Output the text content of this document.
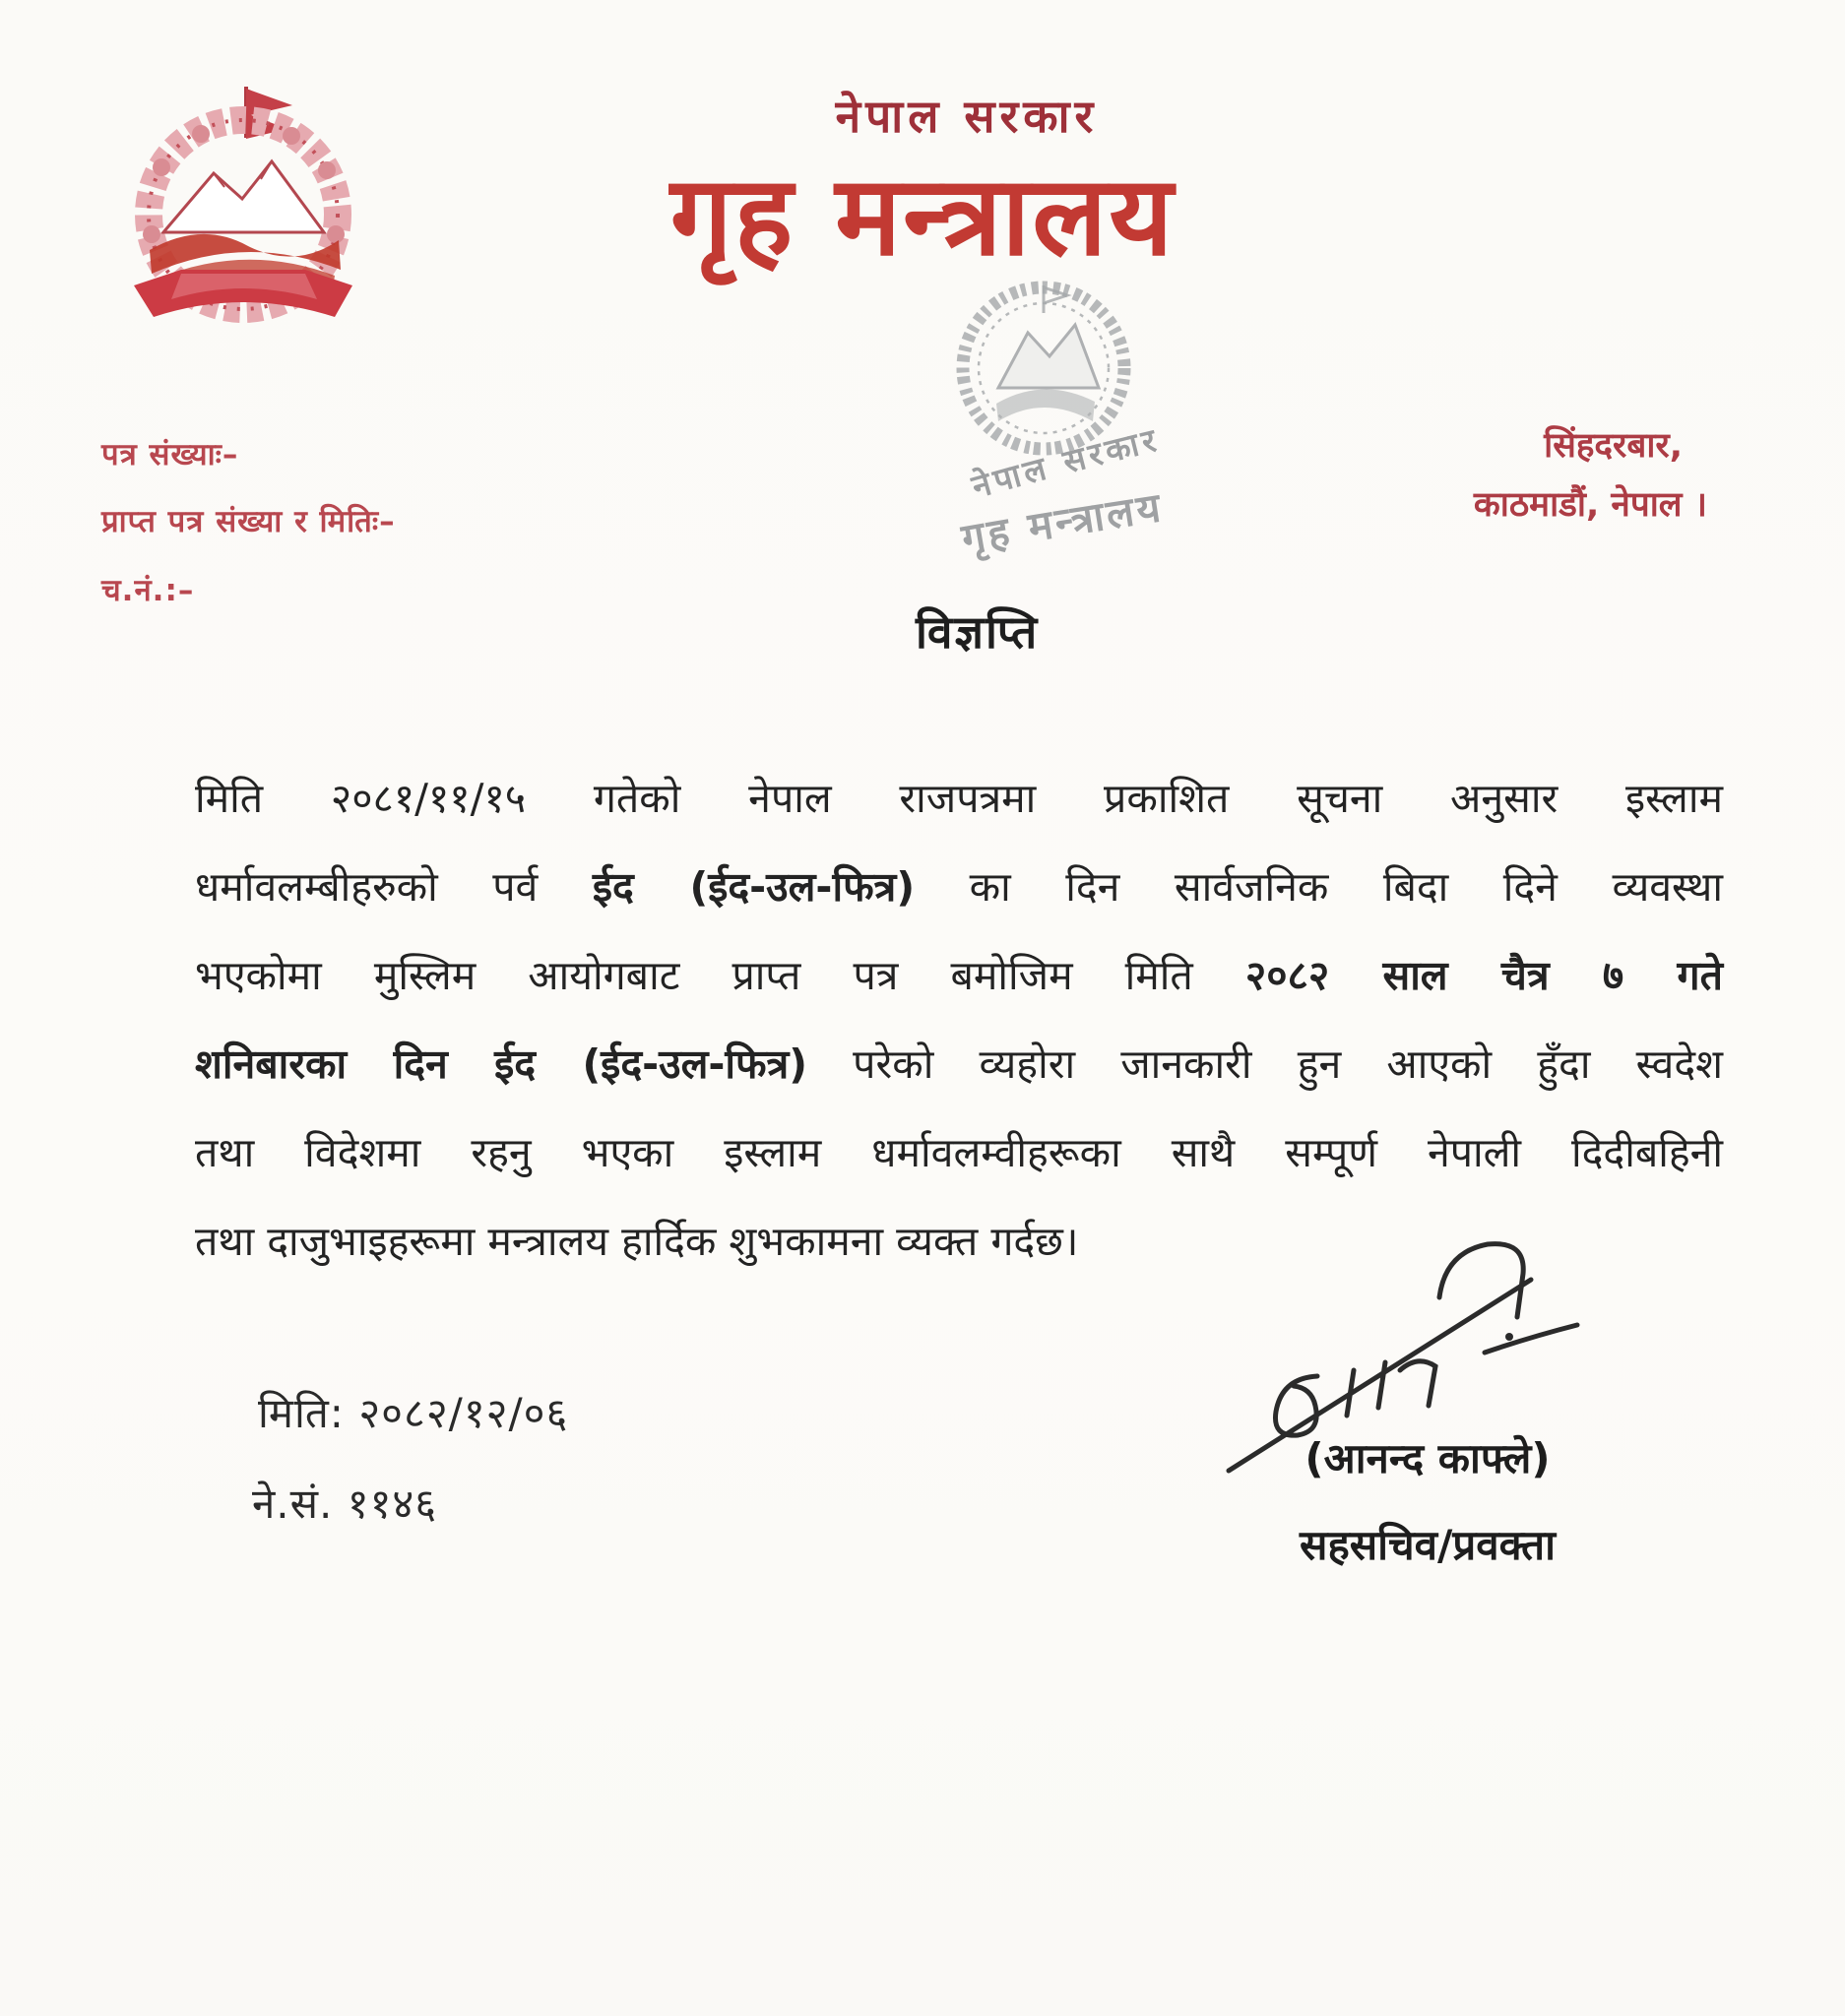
नेपाल सरकार
गृह मन्त्रालय
नेपाल सरकार
गृह मन्त्रालय
पत्र संख्याः–
प्राप्त पत्र संख्या र मितिः–
च.नं.:–
सिंहदरबार,
काठमाडौं, नेपाल ।
विज्ञप्ति
मिति २०८१/११/१५ गतेको नेपाल राजपत्रमा प्रकाशित सूचना अनुसार इस्लाम
धर्मावलम्बीहरुको पर्व ईद (ईद-उल-फित्र) का दिन सार्वजनिक बिदा दिने व्यवस्था
भएकोमा मुस्लिम आयोगबाट प्राप्त पत्र बमोजिम मिति २०८२ साल चैत्र ७ गते
शनिबारका दिन ईद (ईद-उल-फित्र) परेको व्यहोरा जानकारी हुन आएको हुँदा स्वदेश
तथा विदेशमा रहनु भएका इस्लाम धर्मावलम्वीहरूका साथै सम्पूर्ण नेपाली दिदीबहिनी
तथा दाजुभाइहरूमा मन्त्रालय हार्दिक शुभकामना व्यक्त गर्दछ।
मिति: २०८२/१२/०६
ने.सं. ११४६
(आनन्द काफ्ले)
सहसचिव/प्रवक्ता
